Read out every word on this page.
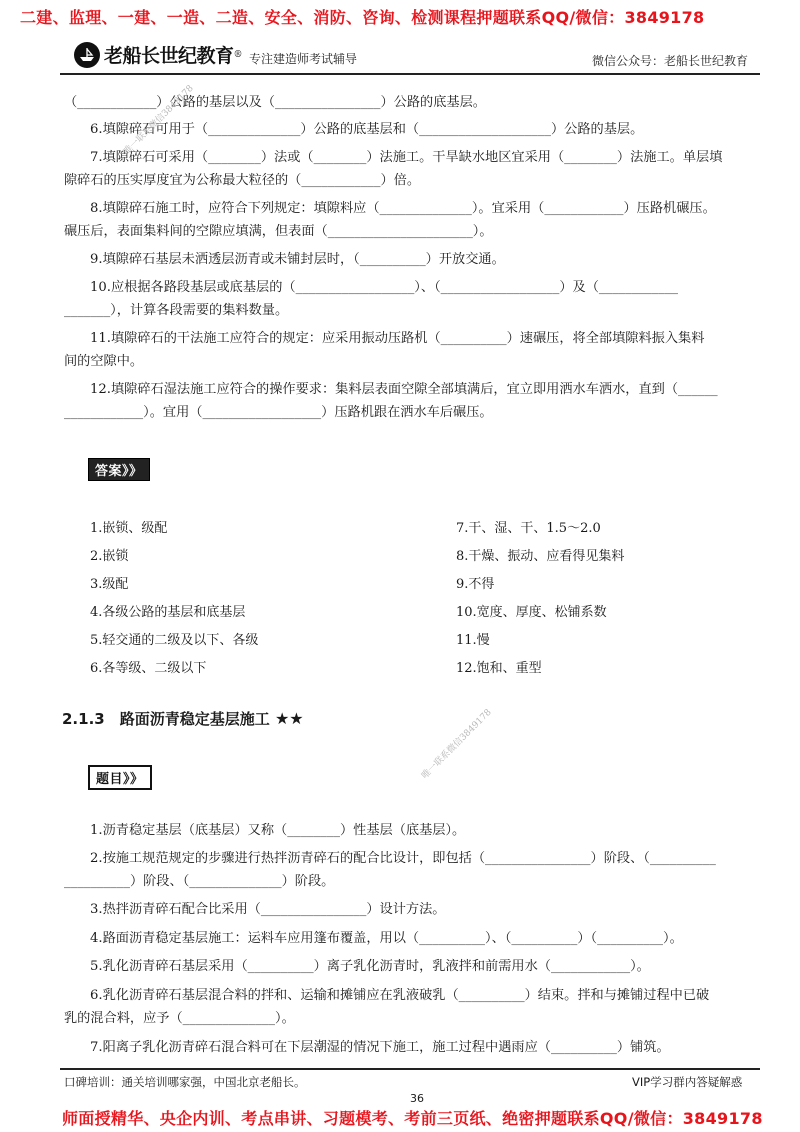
二建、监理、一建、一造、二造、安全、消防、咨询、检测课程押题联系QQ/微信：3849178
老船长世纪教育 ® 专注建造师考试辅导	微信公众号：老船长世纪教育
（____________）公路的基层以及（________________）公路的底基层。
6.填隙碎石可用于（______________）公路的底基层和（____________________）公路的基层。
7.填隙碎石可采用（________）法或（________）法施工。干旱缺水地区宜采用（________）法施工。单层填
隙碎石的压实厚度宜为公称最大粒径的（____________）倍。
8.填隙碎石施工时，应符合下列规定：填隙料应（______________）。宜采用（____________）压路机碾压。
碾压后，表面集料间的空隙应填满，但表面（______________________）。
9.填隙碎石基层未洒透层沥青或未铺封层时，（__________）开放交通。
10.应根据各路段基层或底基层的（__________________）、（__________________）及（____________
_______），计算各段需要的集料数量。
11.填隙碎石的干法施工应符合的规定：应采用振动压路机（__________）速碾压，将全部填隙料振入集料
间的空隙中。
12.填隙碎石湿法施工应符合的操作要求：集料层表面空隙全部填满后，宜立即用洒水车洒水，直到（______
____________）。宜用（__________________）压路机跟在洒水车后碾压。
答案》》
1.嵌锁、级配
2.嵌锁
3.级配
4.各级公路的基层和底基层
5.轻交通的二级及以下、各级
6.各等级、二级以下
7.干、湿、干、1.5～2.0
8.干燥、振动、应看得见集料
9.不得
10.宽度、厚度、松铺系数
11.慢
12.饱和、重型
2.1.3　路面沥青稳定基层施工 ★★
题目》》
1.沥青稳定基层（底基层）又称（________）性基层（底基层）。
2.按施工规范规定的步骤进行热拌沥青碎石的配合比设计，即包括（________________）阶段、（__________
__________）阶段、（______________）阶段。
3.热拌沥青碎石配合比采用（________________）设计方法。
4.路面沥青稳定基层施工：运料车应用篷布覆盖，用以（__________）、（__________）（__________）。
5.乳化沥青碎石基层采用（__________）离子乳化沥青时，乳液拌和前需用水（____________）。
6.乳化沥青碎石基层混合料的拌和、运输和摊铺应在乳液破乳（__________）结束。拌和与摊铺过程中已破
乳的混合料，应予（______________）。
7.阳离子乳化沥青碎石混合料可在下层潮湿的情况下施工，施工过程中遇雨应（__________）铺筑。
唯一联系微信3849178
唯一联系微信3849178
口碑培训：通关培训哪家强，中国北京老船长。	VIP学习群内答疑解惑
36
师面授精华、央企内训、考点串讲、习题模考、考前三页纸、绝密押题联系QQ/微信：3849178
